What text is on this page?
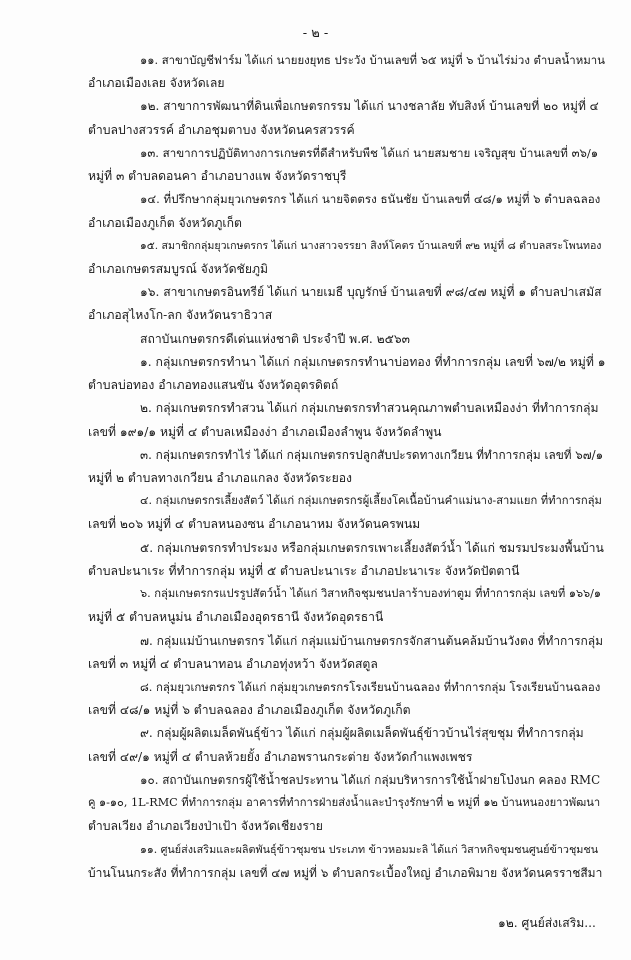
- ๒ -
๑๑. สาขาบัญชีฟาร์ม ได้แก่ นายยงยุทธ ประวัง บ้านเลขที่ ๖๕ หมู่ที่ ๖ บ้านไร่ม่วง ตำบลน้ำหมาน
อำเภอเมืองเลย จังหวัดเลย
๑๒. สาขาการพัฒนาที่ดินเพื่อเกษตรกรรม ได้แก่ นางชลาลัย ทับสิงห์ บ้านเลขที่ ๒๐ หมู่ที่ ๔
ตำบลปางสวรรค์ อำเภอชุมตาบง จังหวัดนครสวรรค์
๑๓. สาขาการปฏิบัติทางการเกษตรที่ดีสำหรับพืช ได้แก่ นายสมชาย เจริญสุข บ้านเลขที่ ๓๖/๑
หมู่ที่ ๓ ตำบลดอนคา อำเภอบางแพ จังหวัดราชบุรี
๑๔. ที่ปรึกษากลุ่มยุวเกษตรกร ได้แก่ นายจิตตรง ธนันชัย บ้านเลขที่ ๔๘/๑ หมู่ที่ ๖ ตำบลฉลอง
อำเภอเมืองภูเก็ต จังหวัดภูเก็ต
๑๕. สมาชิกกลุ่มยุวเกษตรกร ได้แก่ นางสาวจรรยา สิงห์โคตร บ้านเลขที่ ๙๒ หมู่ที่ ๘ ตำบลสระโพนทอง
อำเภอเกษตรสมบูรณ์ จังหวัดชัยภูมิ
๑๖. สาขาเกษตรอินทรีย์ ได้แก่ นายเมธี บุญรักษ์ บ้านเลขที่ ๙๘/๔๗ หมู่ที่ ๑ ตำบลปาเสมัส
อำเภอสุไหงโก-ลก จังหวัดนราธิวาส
สถาบันเกษตรกรดีเด่นแห่งชาติ ประจำปี พ.ศ. ๒๕๖๓
๑. กลุ่มเกษตรกรทำนา ได้แก่ กลุ่มเกษตรกรทำนาบ่อทอง ที่ทำการกลุ่ม เลขที่ ๖๗/๒ หมู่ที่ ๑
ตำบลบ่อทอง อำเภอทองแสนขัน จังหวัดอุตรดิตถ์
๒. กลุ่มเกษตรกรทำสวน ได้แก่ กลุ่มเกษตรกรทำสวนคุณภาพตำบลเหมืองง่า ที่ทำการกลุ่ม
เลขที่ ๑๙๑/๑ หมู่ที่ ๔ ตำบลเหมืองง่า อำเภอเมืองลำพูน จังหวัดลำพูน
๓. กลุ่มเกษตรกรทำไร่ ได้แก่ กลุ่มเกษตรกรปลูกสับปะรดทางเกวียน ที่ทำการกลุ่ม เลขที่ ๖๗/๑
หมู่ที่ ๒ ตำบลทางเกวียน อำเภอแกลง จังหวัดระยอง
๔. กลุ่มเกษตรกรเลี้ยงสัตว์ ได้แก่ กลุ่มเกษตรกรผู้เลี้ยงโคเนื้อบ้านคำแม่นาง-สามแยก ที่ทำการกลุ่ม
เลขที่ ๒๐๖ หมู่ที่ ๔ ตำบลหนองซน อำเภอนาหม จังหวัดนครพนม
๕. กลุ่มเกษตรกรทำประมง หรือกลุ่มเกษตรกรเพาะเลี้ยงสัตว์น้ำ ได้แก่ ชมรมประมงพื้นบ้าน
ตำบลปะนาเระ ที่ทำการกลุ่ม หมู่ที่ ๕ ตำบลปะนาเระ อำเภอปะนาเระ จังหวัดปัตตานี
๖. กลุ่มเกษตรกรแปรรูปสัตว์น้ำ ได้แก่ วิสาหกิจชุมชนปลาร้าบองท่าตูม ที่ทำการกลุ่ม เลขที่ ๑๖๖/๑
หมู่ที่ ๕ ตำบลหนูม่น อำเภอเมืองอุดรธานี จังหวัดอุดรธานี
๗. กลุ่มแม่บ้านเกษตรกร ได้แก่ กลุ่มแม่บ้านเกษตรกรจักสานต้นคล้มบ้านวังตง ที่ทำการกลุ่ม
เลขที่ ๓ หมู่ที่ ๔ ตำบลนาทอน อำเภอทุ่งหว้า จังหวัดสตูล
๘. กลุ่มยุวเกษตรกร ได้แก่ กลุ่มยุวเกษตรกรโรงเรียนบ้านฉลอง ที่ทำการกลุ่ม โรงเรียนบ้านฉลอง
เลขที่ ๔๘/๑ หมู่ที่ ๖ ตำบลฉลอง อำเภอเมืองภูเก็ต จังหวัดภูเก็ต
๙. กลุ่มผู้ผลิตเมล็ดพันธุ์ข้าว ได้แก่ กลุ่มผู้ผลิตเมล็ดพันธุ์ข้าวบ้านไร่สุขชุม ที่ทำการกลุ่ม
เลขที่ ๔๙/๑ หมู่ที่ ๔ ตำบลห้วยยั้ง อำเภอพรานกระต่าย จังหวัดกำแพงเพชร
๑๐. สถาบันเกษตรกรผู้ใช้น้ำชลประทาน ได้แก่ กลุ่มบริหารการใช้น้ำฝายโป่งนก คลอง RMC
คู ๑-๑๐, 1L-RMC ที่ทำการกลุ่ม อาคารที่ทำการฝ่ายส่งน้ำและบำรุงรักษาที่ ๒ หมู่ที่ ๑๒ บ้านหนองยาวพัฒนา
ตำบลเวียง อำเภอเวียงป่าเป้า จังหวัดเชียงราย
๑๑. ศูนย์ส่งเสริมและผลิตพันธุ์ข้าวชุมชน ประเภท ข้าวหอมมะลิ ได้แก่ วิสาหกิจชุมชนศูนย์ข้าวชุมชน
บ้านโนนกระสัง ที่ทำการกลุ่ม เลขที่ ๔๗ หมู่ที่ ๖ ตำบลกระเบื้องใหญ่ อำเภอพิมาย จังหวัดนครราชสีมา
๑๒. ศูนย์ส่งเสริม...
